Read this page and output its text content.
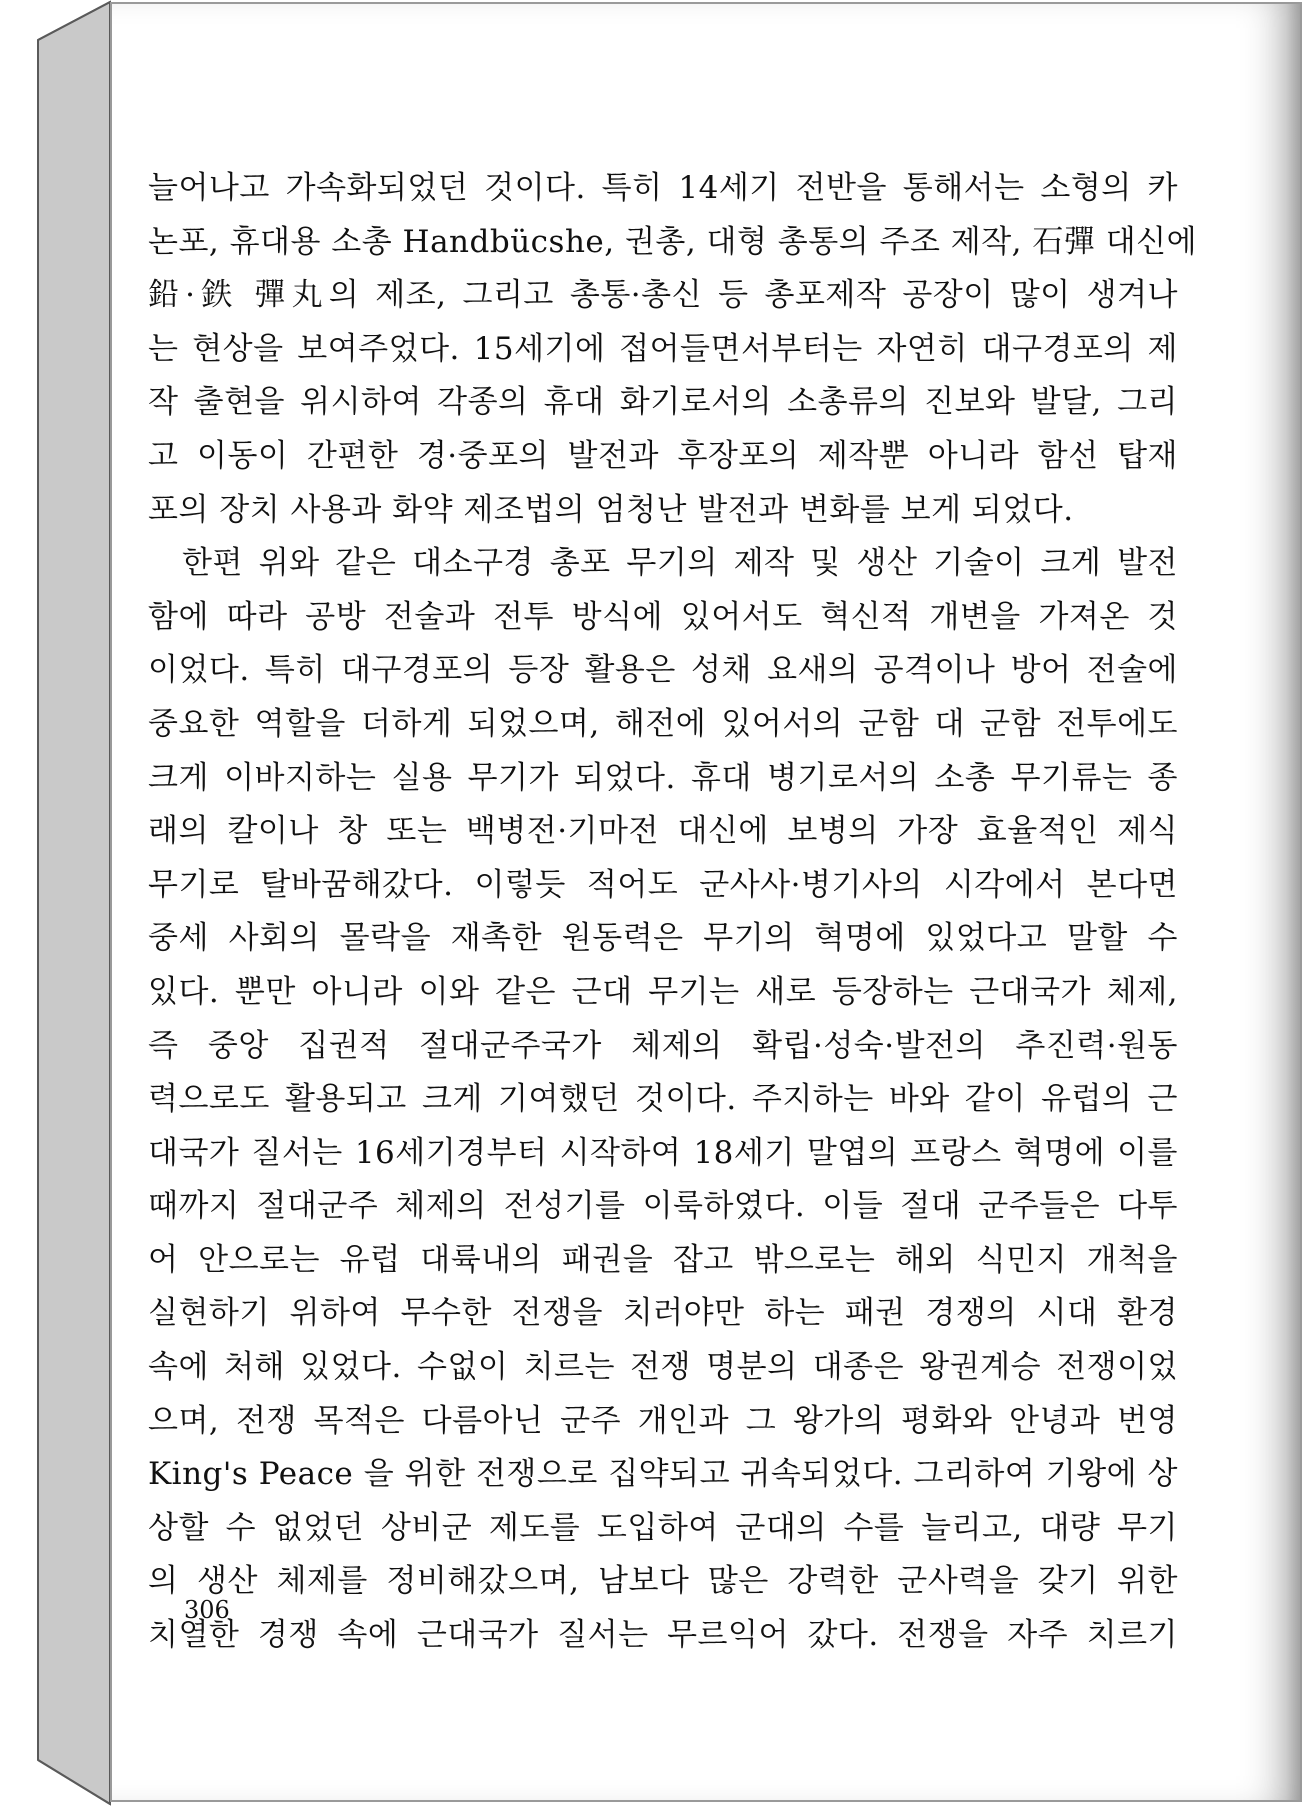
늘어나고 가속화되었던 것이다. 특히 14세기 전반을 통해서는 소형의 카
논포, 휴대용 소총 Handbücshe, 권총, 대형 총통의 주조 제작, 石彈 대신에
鉛·鉄 彈丸의 제조, 그리고 총통·총신 등 총포제작 공장이 많이 생겨나
는 현상을 보여주었다. 15세기에 접어들면서부터는 자연히 대구경포의 제
작 출현을 위시하여 각종의 휴대 화기로서의 소총류의 진보와 발달, 그리
고 이동이 간편한 경·중포의 발전과 후장포의 제작뿐 아니라 함선 탑재
포의 장치 사용과 화약 제조법의 엄청난 발전과 변화를 보게 되었다.
한편 위와 같은 대소구경 총포 무기의 제작 및 생산 기술이 크게 발전
함에 따라 공방 전술과 전투 방식에 있어서도 혁신적 개변을 가져온 것
이었다. 특히 대구경포의 등장 활용은 성채 요새의 공격이나 방어 전술에
중요한 역할을 더하게 되었으며, 해전에 있어서의 군함 대 군함 전투에도
크게 이바지하는 실용 무기가 되었다. 휴대 병기로서의 소총 무기류는 종
래의 칼이나 창 또는 백병전·기마전 대신에 보병의 가장 효율적인 제식
무기로 탈바꿈해갔다. 이렇듯 적어도 군사사·병기사의 시각에서 본다면
중세 사회의 몰락을 재촉한 원동력은 무기의 혁명에 있었다고 말할 수
있다. 뿐만 아니라 이와 같은 근대 무기는 새로 등장하는 근대국가 체제,
즉 중앙 집권적 절대군주국가 체제의 확립·성숙·발전의 추진력·원동
력으로도 활용되고 크게 기여했던 것이다. 주지하는 바와 같이 유럽의 근
대국가 질서는 16세기경부터 시작하여 18세기 말엽의 프랑스 혁명에 이를
때까지 절대군주 체제의 전성기를 이룩하였다. 이들 절대 군주들은 다투
어 안으로는 유럽 대륙내의 패권을 잡고 밖으로는 해외 식민지 개척을
실현하기 위하여 무수한 전쟁을 치러야만 하는 패권 경쟁의 시대 환경
속에 처해 있었다. 수없이 치르는 전쟁 명분의 대종은 왕권계승 전쟁이었
으며, 전쟁 목적은 다름아닌 군주 개인과 그 왕가의 평화와 안녕과 번영
King's Peace 을 위한 전쟁으로 집약되고 귀속되었다. 그리하여 기왕에 상
상할 수 없었던 상비군 제도를 도입하여 군대의 수를 늘리고, 대량 무기
의 생산 체제를 정비해갔으며, 남보다 많은 강력한 군사력을 갖기 위한
치열한 경쟁 속에 근대국가 질서는 무르익어 갔다. 전쟁을 자주 치르기

306
